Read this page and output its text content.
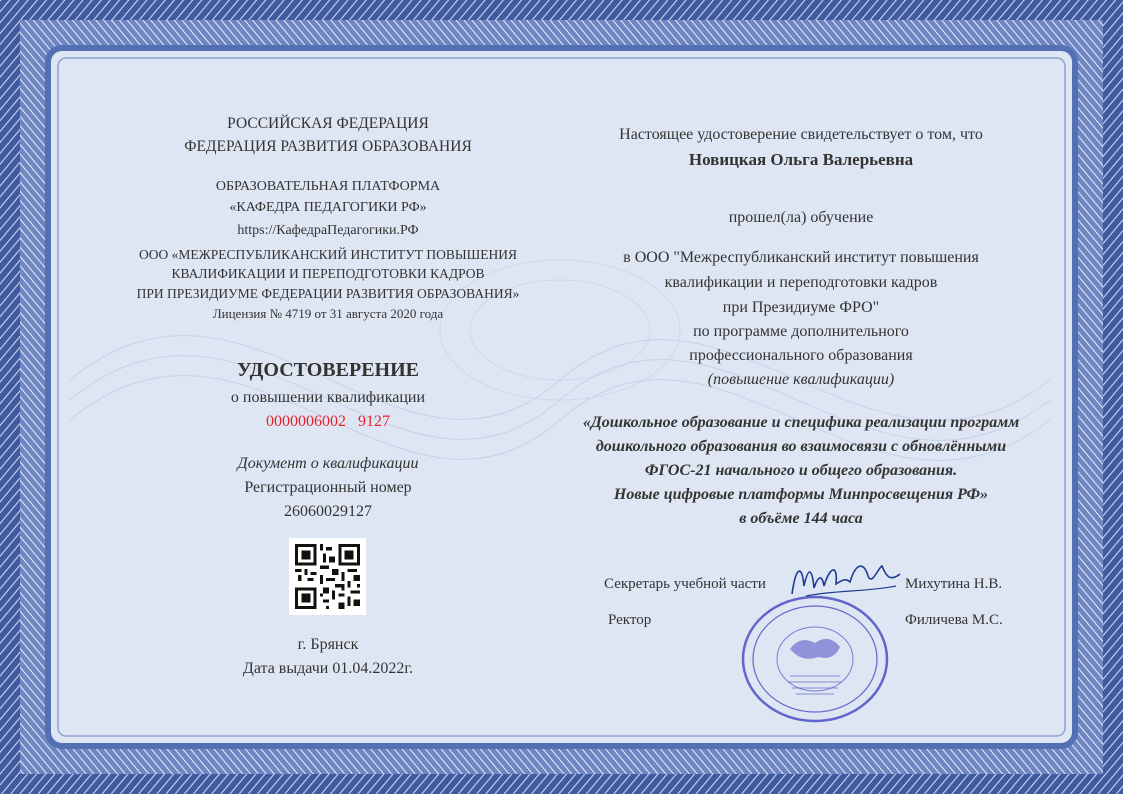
РОССИЙСКАЯ ФЕДЕРАЦИЯ
ФЕДЕРАЦИЯ РАЗВИТИЯ ОБРАЗОВАНИЯ
ОБРАЗОВАТЕЛЬНАЯ ПЛАТФОРМА
«КАФЕДРА ПЕДАГОГИКИ РФ»
https://КафедраПедагогики.РФ
ООО «МЕЖРЕСПУБЛИКАНСКИЙ ИНСТИТУТ ПОВЫШЕНИЯ
КВАЛИФИКАЦИИ И ПЕРЕПОДГОТОВКИ КАДРОВ
ПРИ ПРЕЗИДИУМЕ ФЕДЕРАЦИИ РАЗВИТИЯ ОБРАЗОВАНИЯ»
Лицензия № 4719 от 31 августа 2020 года
УДОСТОВЕРЕНИЕ
о повышении квалификации
0000006002   9127
Документ о квалификации
Регистрационный номер
26060029127
г. Брянск
Дата выдачи 01.04.2022г.
Настоящее удостоверение свидетельствует о том, что
Новицкая Ольга Валерьевна
прошел(ла) обучение
в ООО "Межреспубликанский институт повышения
квалификации и переподготовки кадров
при Президиуме ФРО"
по программе дополнительного
профессионального образования
(повышение квалификации)
«Дошкольное образование и специфика реализации программ
дошкольного образования во взаимосвязи с обновлёнными
ФГОС-21 начального и общего образования.
Новые цифровые платформы Минпросвещения РФ»
в объёме 144 часа
Секретарь учебной части	Михутина Н.В.
Ректор	Филичева М.С.
